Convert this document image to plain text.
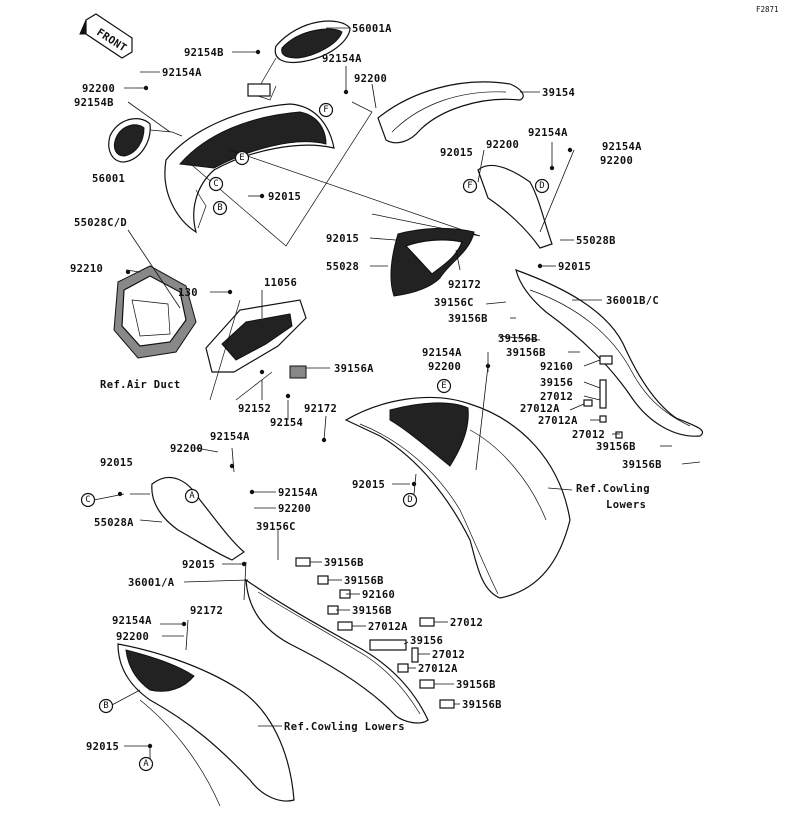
F2871
FRONT
F
E
C
B
F	D
E
D
A
C
B
A
56001A
92154B
92154A
92154A
92200
92200
92154B
56001
92015
55028C/D
92210
130
11056
39156A
92152
92154
92172
39154
92154A
92200	92154A
92200
92015
92015
55028
92172
55028B
92015
39156C
39156B
36001B/C
39156B
92154A	39156B
92200	92160
39156
27012
27012A
27012A
27012
39156B
39156B
92015
92015
92200
92154A
55028A
92154A
92200
39156C
92015	39156B
36001/A	39156B
92160
39156B
27012A
39156
27012
27012
27012A
39156B
39156B
92154A
92172
92200
92015
Ref.Air Duct
Ref.Cowling
Lowers
Ref.Cowling Lowers
